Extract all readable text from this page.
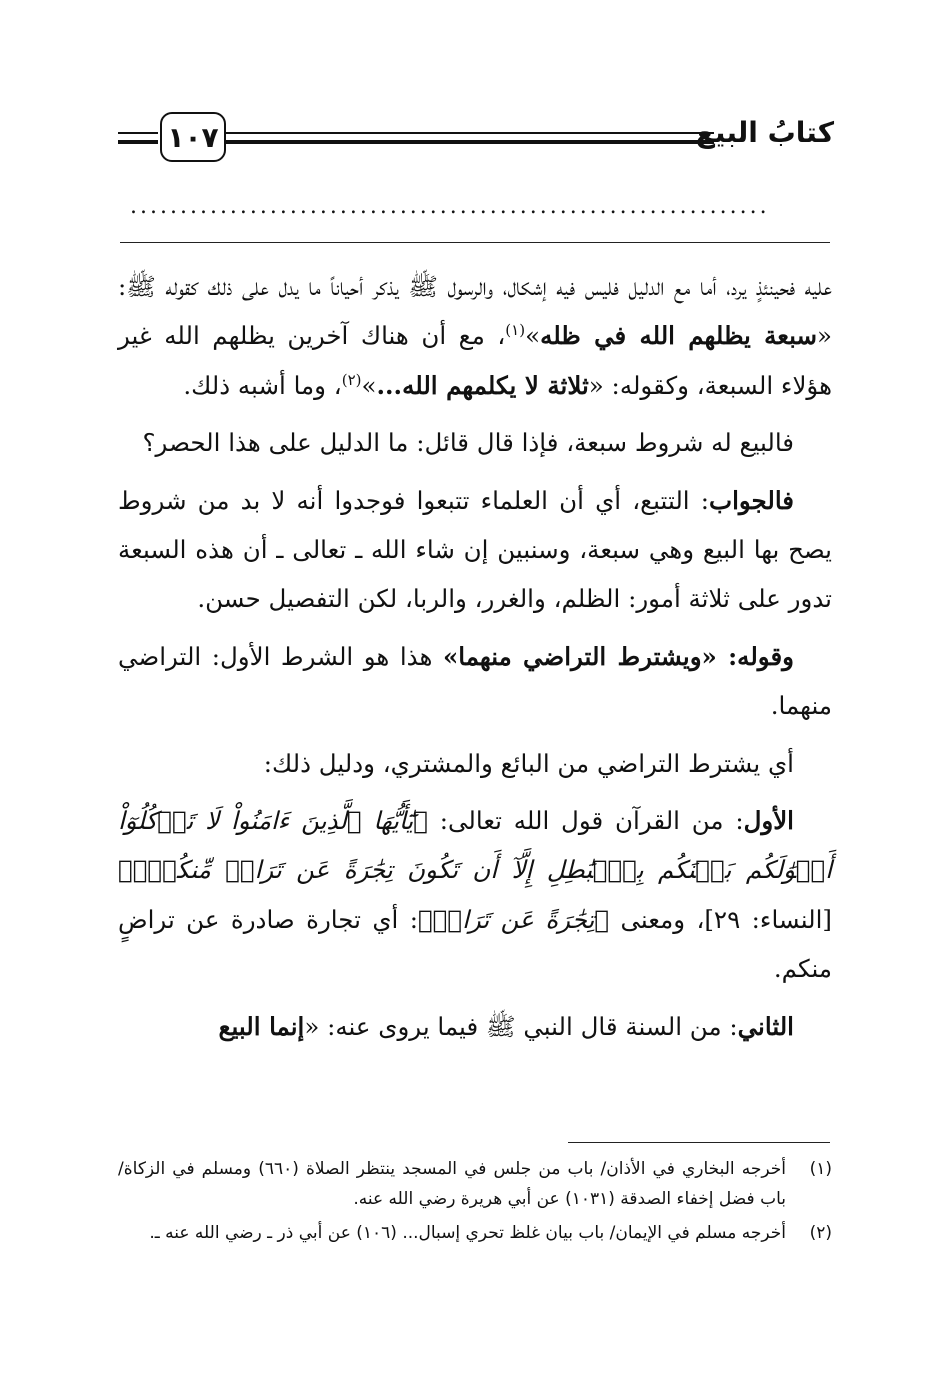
كتابُ البيع
١٠٧
................................................................

عليه فحينئذٍ يرد، أما مع الدليل فليس فيه إشكال، والرسول ﷺ يذكر أحياناً ما يدل على ذلك كقوله ﷺ: «سبعة يظلهم الله في ظله»$^{(١)}$، مع أن هناك آخرين يظلهم الله غير هؤلاء السبعة، وكقوله: «ثلاثة لا يكلمهم الله...»$^{(٢)}$، وما أشبه ذلك.

فالبيع له شروط سبعة، فإذا قال قائل: ما الدليل على هذا الحصر؟

فالجواب: التتبع، أي أن العلماء تتبعوا فوجدوا أنه لا بد من شروط يصح بها البيع وهي سبعة، وسنبين إن شاء الله ـ تعالى ـ أن هذه السبعة تدور على ثلاثة أمور: الظلم، والغرر، والربا، لكن التفصيل حسن.

وقوله: «ويشترط التراضي منهما» هذا هو الشرط الأول: التراضي منهما.

أي يشترط التراضي من البائع والمشتري، ودليل ذلك:

الأول: من القرآن قول الله تعالى: ﴿يَٰٓأَيُّهَا ٱلَّذِينَ ءَامَنُواْ لَا تَأۡكُلُوٓاْ أَمۡوَٰلَكُم بَيۡنَكُم بِٱلۡبَٰطِلِ إِلَّآ أَن تَكُونَ تِجَٰرَةً عَن تَرَاضٖ مِّنكُمۡۚ﴾ [النساء: ٢٩]، ومعنى ﴿تِجَٰرَةً عَن تَرَاضٖ﴾: أي تجارة صادرة عن تراضٍ منكم.

الثاني: من السنة قال النبي ﷺ فيما يروى عنه: «إنما البيع

(١)
أخرجه البخاري في الأذان/ باب من جلس في المسجد ينتظر الصلاة (٦٦٠) ومسلم في الزكاة/ باب فضل إخفاء الصدقة (١٠٣١) عن أبي هريرة رضي الله عنه.
(٢)
أخرجه مسلم في الإيمان/ باب بيان غلظ تحري إسبال... (١٠٦) عن أبي ذر ـ رضي الله عنه ـ.
